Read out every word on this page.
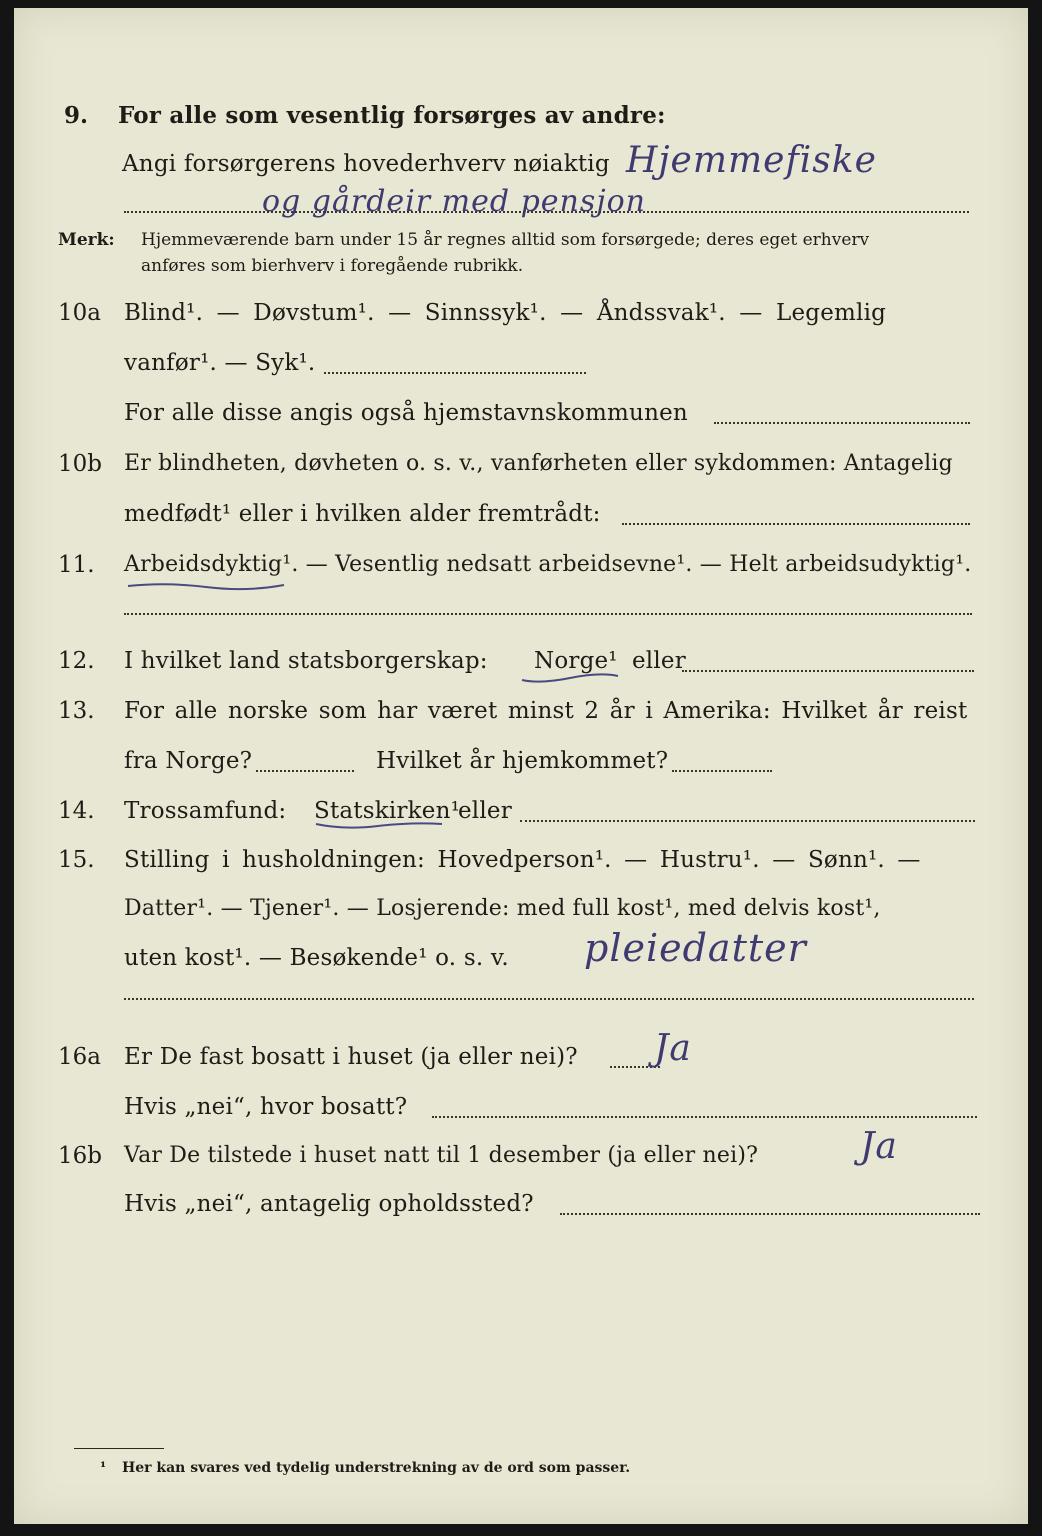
9. For alle som vesentlig forsørges av andre:
Angi forsørgerens hovederhverv nøiaktig Hjemmefiske
og gårdeir med pensjon
Merk: Hjemmeværende barn under 15 år regnes alltid som forsørgede; deres eget erhverv
anføres som bierhverv i foregående rubrikk.
10a Blind¹. — Døvstum¹. — Sinnssyk¹. — Åndssvak¹. — Legemlig
vanfør¹. — Syk¹.
For alle disse angis også hjemstavnskommunen
10b Er blindheten, døvheten o. s. v., vanførheten eller sykdommen: Antagelig
medfødt¹ eller i hvilken alder fremtrådt:
11. Arbeidsdyktig¹. — Vesentlig nedsatt arbeidsevne¹. — Helt arbeidsudyktig¹.
12. I hvilket land statsborgerskap: Norge¹ eller
13. For alle norske som har været minst 2 år i Amerika: Hvilket år reist
fra Norge?	Hvilket år hjemkommet?
14. Trossamfund: Statskirken¹
eller
15. Stilling i husholdningen: Hovedperson¹. — Hustru¹. — Sønn¹. —
Datter¹. — Tjener¹. — Losjerende: med full kost¹, med delvis kost¹,
uten kost¹. — Besøkende¹ o. s. v. pleiedatter
16a Er De fast bosatt i huset (ja eller nei)? Ja
Hvis „nei“, hvor bosatt?
16b Var De tilstede i huset natt til 1 desember (ja eller nei)?	Ja
Hvis „nei“, antagelig opholdssted?
¹ Her kan svares ved tydelig understrekning av de ord som passer.
